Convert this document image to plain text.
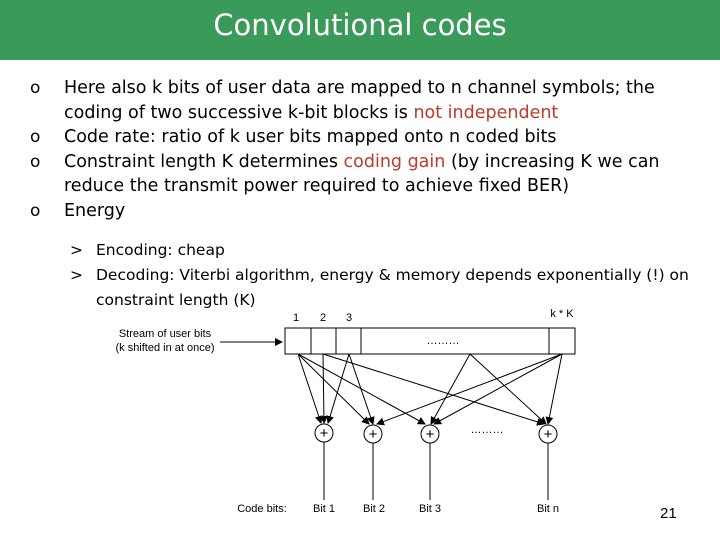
Convolutional codes
o Here also k bits of user data are mapped to n channel symbols; the coding of two successive k-bit blocks is not independent
o Code rate: ratio of k user bits mapped onto n coded bits
o Constraint length K determines coding gain (by increasing K we can reduce the transmit power required to achieve fixed BER)
o Energy
> Encoding: cheap
> Decoding: Viterbi algorithm, energy & memory depends exponentially (!) on constraint length (K)
Stream of user bits
(k shifted in at once)
1 2 3	k * K
………
+	+	+	+
………
Code bits: Bit 1	Bit 2	Bit 3	Bit n	21
